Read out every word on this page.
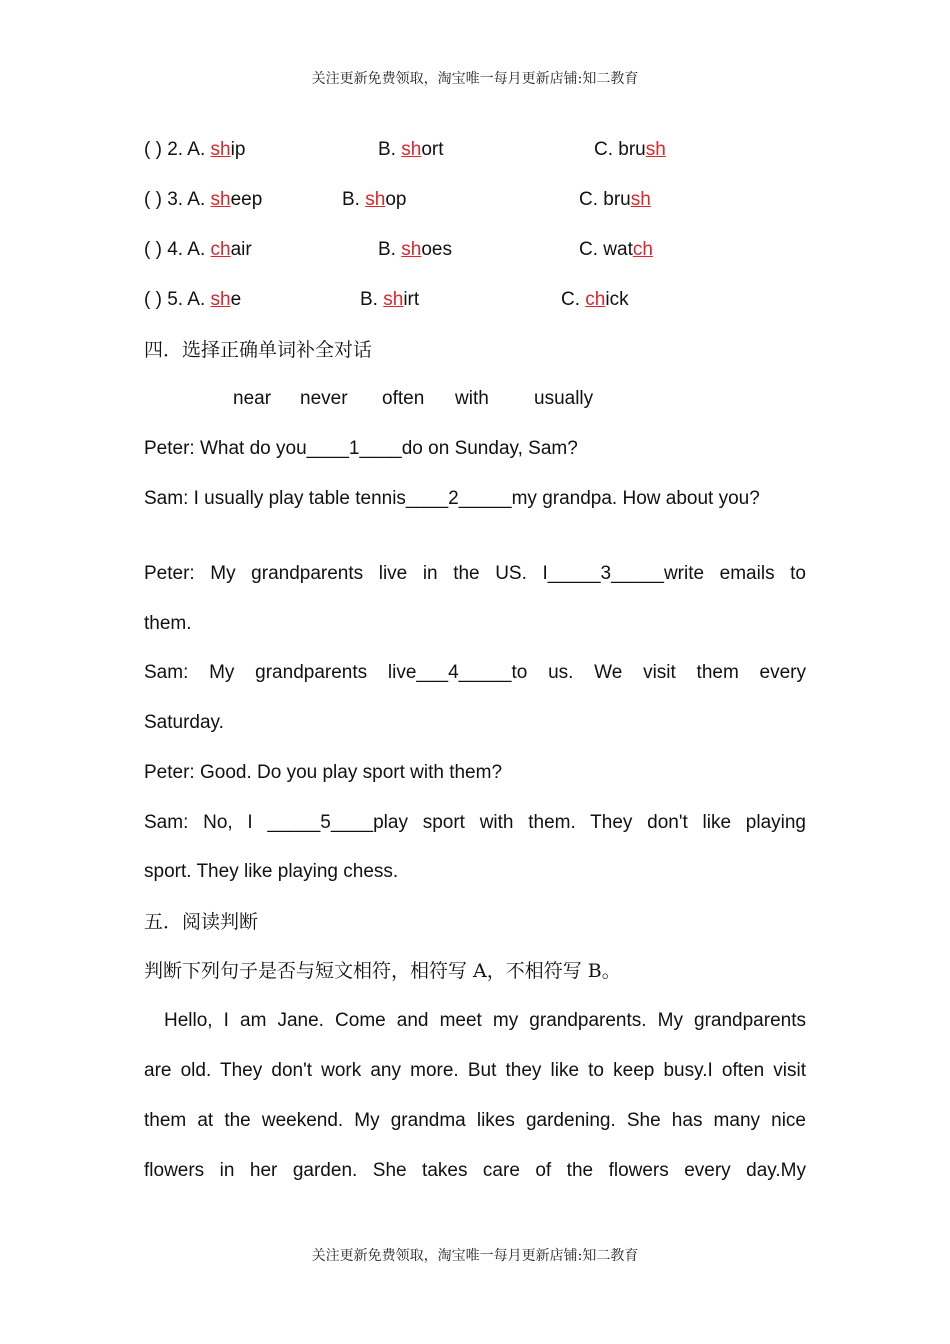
关注更新免费领取，淘宝唯一每月更新店铺:知二教育
( ) 2. A. ship	B. short	C. brush
( ) 3. A. sheep	B. shop	C. brush
( ) 4. A. chair	B. shoes	C. watch
( ) 5. A. she	B. shirt	C. chick
四．选择正确单词补全对话
near never often with usually
Peter: What do you____1____do on Sunday, Sam?
Sam: I usually play table tennis____2_____my grandpa. How about you?
Peter: My grandparents live in the US. I_____3_____write emails to
them.
Sam: My grandparents live___4_____to us. We visit them every
Saturday.
Peter: Good. Do you play sport with them?
Sam: No, I _____5____play sport with them. They don't like playing
sport. They like playing chess.
五．阅读判断
判断下列句子是否与短文相符，相符写 A，不相符写 B。
Hello, I am Jane. Come and meet my grandparents. My grandparents
are old. They don't work any more. But they like to keep busy.I often visit
them at the weekend. My grandma likes gardening. She has many nice
flowers in her garden. She takes care of the flowers every day.My
关注更新免费领取，淘宝唯一每月更新店铺:知二教育
